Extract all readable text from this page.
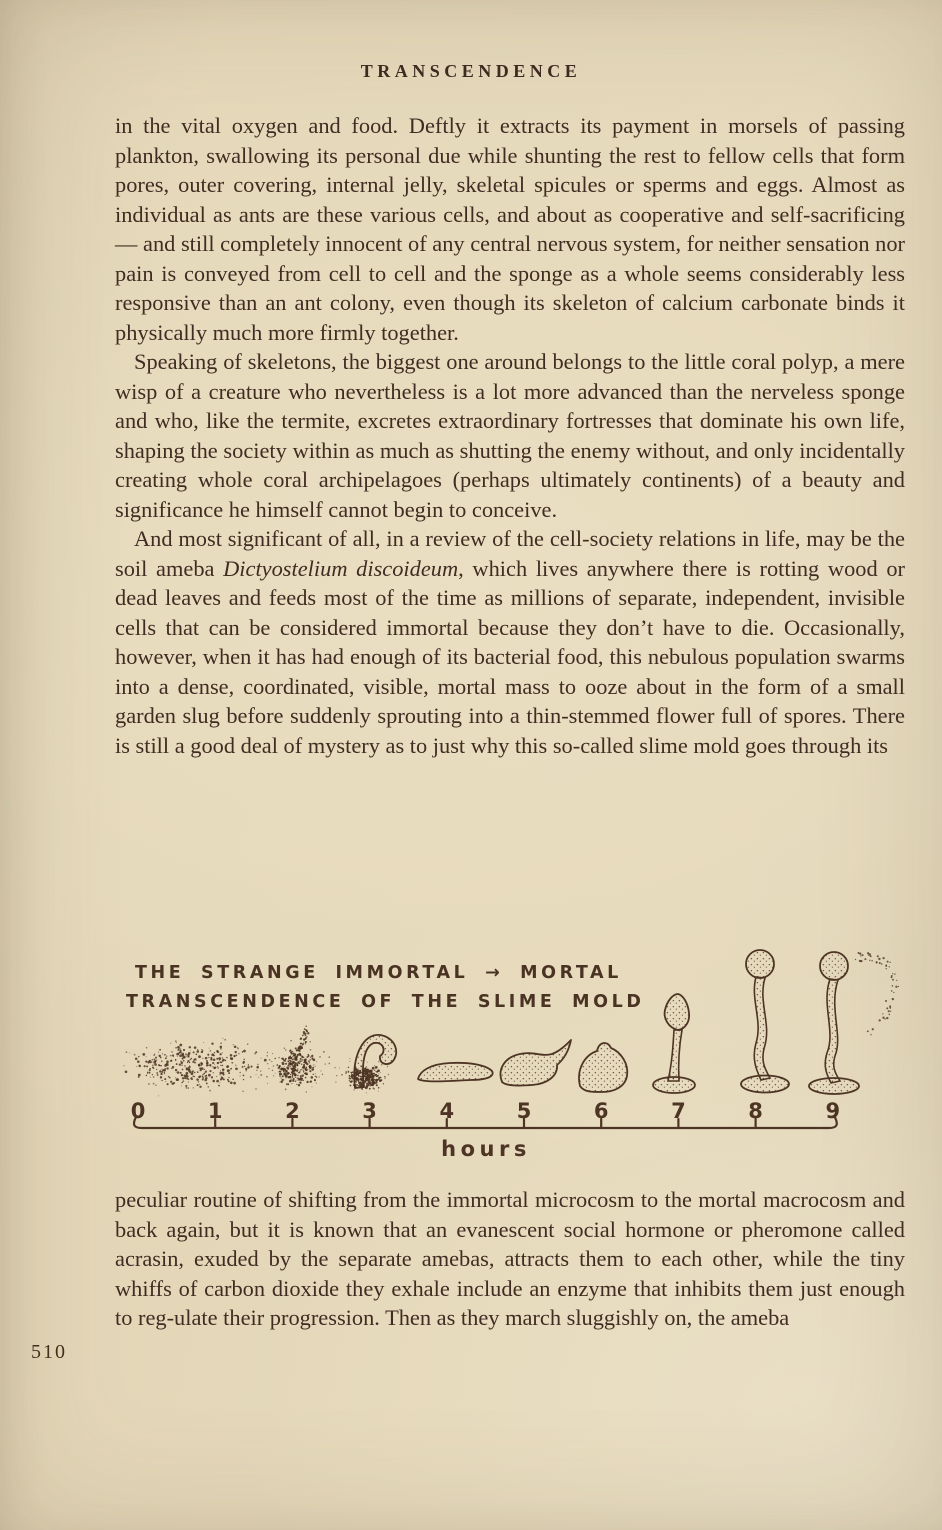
TRANSCENDENCE

in the vital oxygen and food. Deftly it extracts its payment in morsels of passing plankton, swallowing its personal due while shunting the rest to fellow cells that form pores, outer covering, internal jelly, skeletal spicules or sperms and eggs. Almost as individual as ants are these various cells, and about as cooperative and self-sacrificing — and still completely innocent of any central nervous system, for neither sensation nor pain is conveyed from cell to cell and the sponge as a whole seems considerably less responsive than an ant colony, even though its skeleton of calcium carbonate binds it physically much more firmly together.

Speaking of skeletons, the biggest one around belongs to the little coral polyp, a mere wisp of a creature who nevertheless is a lot more advanced than the nerveless sponge and who, like the termite, excretes extraordinary fortresses that dominate his own life, shaping the society within as much as shutting the enemy without, and only incidentally creating whole coral archipelagoes (perhaps ultimately continents) of a beauty and significance he himself cannot begin to conceive.

And most significant of all, in a review of the cell-society relations in life, may be the soil ameba Dictyostelium discoideum, which lives anywhere there is rotting wood or dead leaves and feeds most of the time as millions of separate, independent, invisible cells that can be considered immortal because they don’t have to die. Occasionally, however, when it has had enough of its bacterial food, this nebulous population swarms into a dense, coordinated, visible, mortal mass to ooze about in the form of a small garden slug before suddenly sprouting into a thin-stemmed flower full of spores. There is still a good deal of mystery as to just why this so-called slime mold goes through its

THE STRANGE IMMORTAL → MORTAL
TRANSCENDENCE OF THE SLIME MOLD
0	1	2	3	4	5	6	7	8	9
hours

peculiar routine of shifting from the immortal microcosm to the mortal macrocosm and back again, but it is known that an evanescent social hormone or pheromone called acrasin, exuded by the separate amebas, attracts them to each other, while the tiny whiffs of carbon dioxide they exhale include an enzyme that inhibits them just enough to reg-ulate their progression. Then as they march sluggishly on, the ameba

510
